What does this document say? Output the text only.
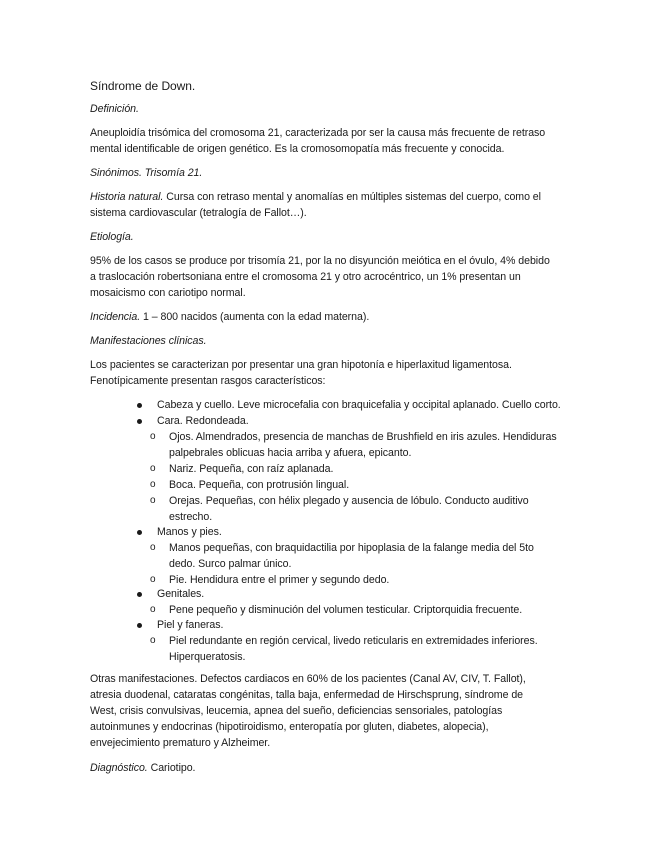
Síndrome de Down.
Definición.
Aneuploidía trisómica del cromosoma 21, caracterizada por ser la causa más frecuente de retraso
mental identificable de origen genético. Es la cromosomopatía más frecuente y conocida.
Sinónimos. Trisomía 21.
Historia natural. Cursa con retraso mental y anomalías en múltiples sistemas del cuerpo, como el
sistema cardiovascular (tetralogía de Fallot…).
Etiología.
95% de los casos se produce por trisomía 21, por la no disyunción meiótica en el óvulo, 4% debido
a traslocación robertsoniana entre el cromosoma 21 y otro acrocéntrico, un 1% presentan un
mosaicismo con cariotipo normal.
Incidencia. 1 – 800 nacidos (aumenta con la edad materna).
Manifestaciones clínicas.
Los pacientes se caracterizan por presentar una gran hipotonía e hiperlaxitud ligamentosa.
Fenotípicamente presentan rasgos característicos:
Cabeza y cuello. Leve microcefalia con braquicefalia y occipital aplanado. Cuello corto.
Cara. Redondeada.
o Ojos. Almendrados, presencia de manchas de Brushfield en iris azules. Hendiduras
palpebrales oblicuas hacia arriba y afuera, epicanto.
o Nariz. Pequeña, con raíz aplanada.
o Boca. Pequeña, con protrusión lingual.
o Orejas. Pequeñas, con hélix plegado y ausencia de lóbulo. Conducto auditivo
estrecho.
Manos y pies.
o Manos pequeñas, con braquidactilia por hipoplasia de la falange media del 5to
dedo. Surco palmar único.
o Pie. Hendidura entre el primer y segundo dedo.
Genitales.
o Pene pequeño y disminución del volumen testicular. Criptorquidia frecuente.
Piel y faneras.
o Piel redundante en región cervical, livedo reticularis en extremidades inferiores.
Hiperqueratosis.
Otras manifestaciones. Defectos cardiacos en 60% de los pacientes (Canal AV, CIV, T. Fallot),
atresia duodenal, cataratas congénitas, talla baja, enfermedad de Hirschsprung, síndrome de
West, crisis convulsivas, leucemia, apnea del sueño, deficiencias sensoriales, patologías
autoinmunes y endocrinas (hipotiroidismo, enteropatía por gluten, diabetes, alopecia),
envejecimiento prematuro y Alzheimer.
Diagnóstico. Cariotipo.
